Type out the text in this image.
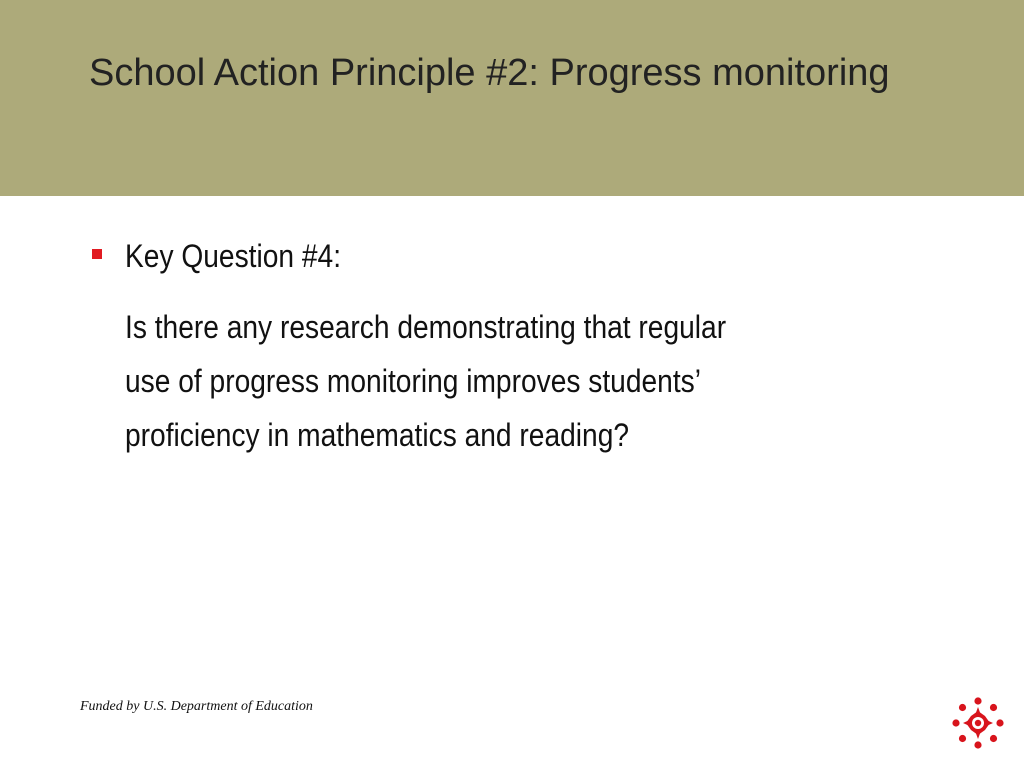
School Action Principle #2: Progress monitoring
Key Question #4:
Is there any research demonstrating that regular
use of progress monitoring improves students’
proficiency in mathematics and reading?
Funded by U.S. Department of Education
